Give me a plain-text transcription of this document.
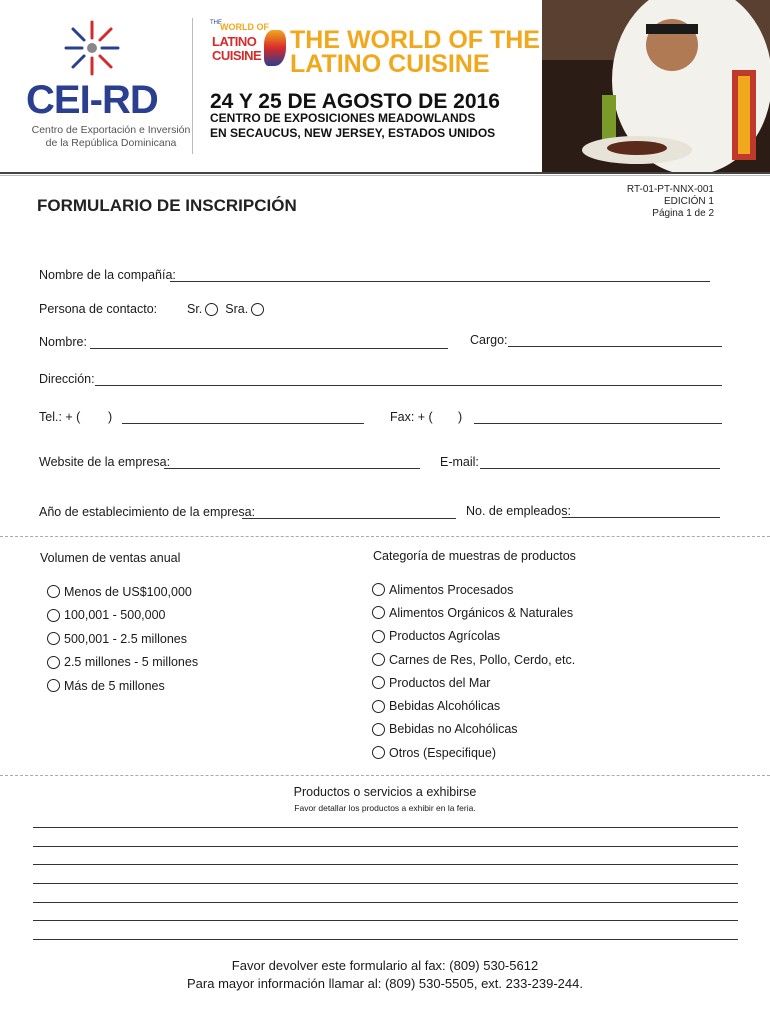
CEI-RD
Centro de Exportación e Inversión
de la República Dominicana
THE
WORLD OF
LATINO
CUISINE
THE WORLD OF THE
LATINO CUISINE
24 Y 25 DE AGOSTO DE 2016
CENTRO DE EXPOSICIONES MEADOWLANDS
EN SECAUCUS, NEW JERSEY, ESTADOS UNIDOS
FORMULARIO DE INSCRIPCIÓN
RT-01-PT-NNX-001
EDICIÓN 1
Página 1 de 2
Nombre de la compañía:
Persona de contacto: Sr. Sra.
Nombre:	Cargo:
Dirección:
Tel.: + ( )	Fax: + ( )
Website de la empresa:	E-mail:
Año de establecimiento de la empresa:	No. de empleados:
Volumen de ventas anual
Menos de US$100,000
100,001 - 500,000
500,001 - 2.5 millones
2.5 millones - 5 millones
Más de 5 millones
Categoría de muestras de productos
Alimentos Procesados
Alimentos Orgánicos & Naturales
Productos Agrícolas
Carnes de Res, Pollo, Cerdo, etc.
Productos del Mar
Bebidas Alcohólicas
Bebidas no Alcohólicas
Otros (Especifique)
Productos o servicios a exhibirse
Favor detallar los productos a exhibir en la feria.
Favor devolver este formulario al fax: (809) 530-5612
Para mayor información llamar al: (809) 530-5505, ext. 233-239-244.
